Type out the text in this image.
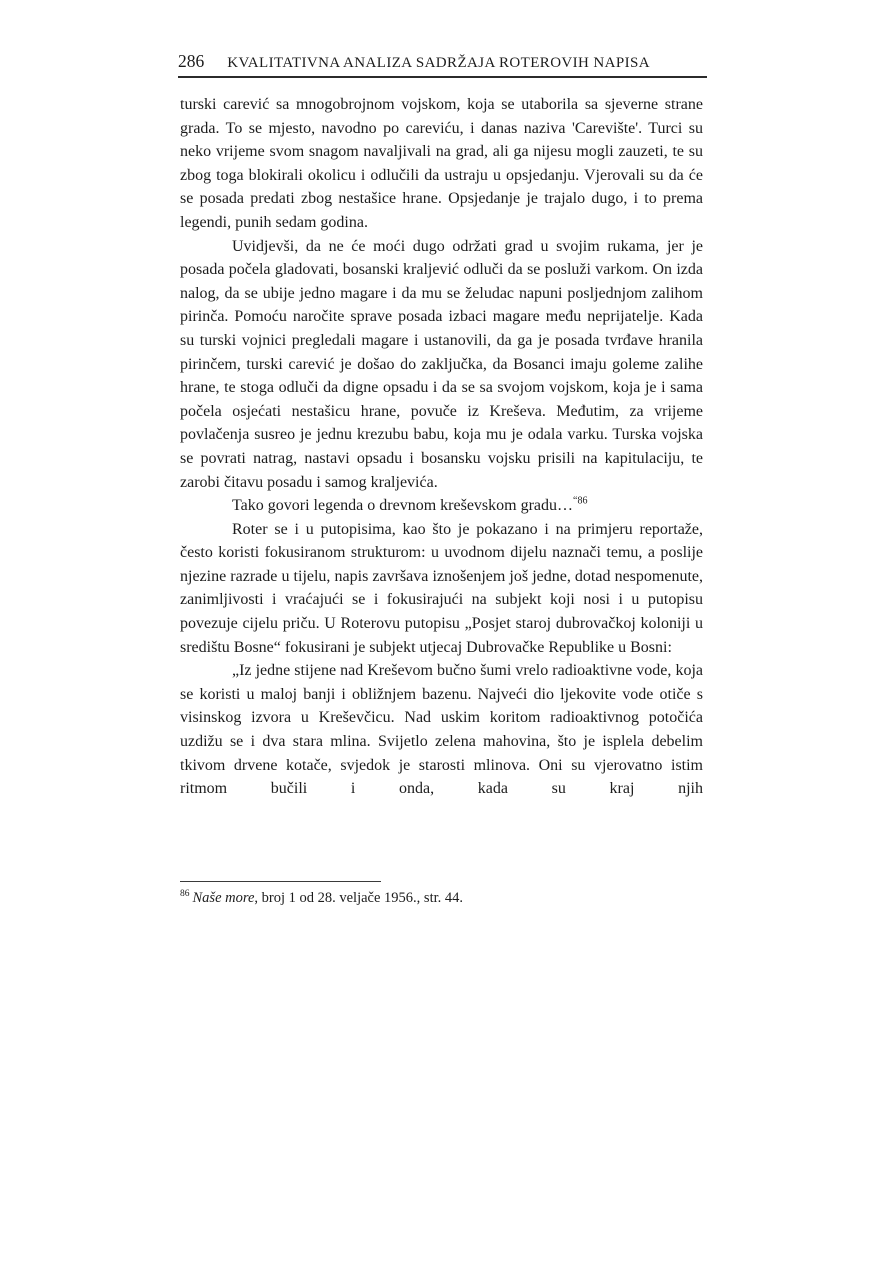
286 KVALITATIVNA ANALIZA SADRŽAJA ROTEROVIH NAPISA

turski carević sa mnogobrojnom vojskom, koja se utaborila sa sjeverne strane grada. To se mjesto, navodno po careviću, i danas naziva 'Carevište'. Turci su neko vrijeme svom snagom navaljivali na grad, ali ga nijesu mogli zauzeti, te su zbog toga blokirali okolicu i odlučili da ustraju u opsjedanju. Vjerovali su da će se posada predati zbog nestašice hrane. Opsjedanje je trajalo dugo, i to prema legendi, punih sedam godina.

Uvidjevši, da ne će moći dugo održati grad u svojim rukama, jer je posada počela gladovati, bosanski kraljević odluči da se posluži varkom. On izda nalog, da se ubije jedno magare i da mu se želudac napuni posljednjom zalihom pirinča. Pomoću naročite sprave posada izbaci magare među neprijatelje. Kada su turski vojnici pregledali magare i ustanovili, da ga je posada tvrđave hranila pirinčem, turski carević je došao do zaključka, da Bosanci imaju goleme zalihe hrane, te stoga odluči da digne opsadu i da se sa svojom vojskom, koja je i sama počela osjećati nestašicu hrane, povuče iz Kreševa. Međutim, za vrijeme povlačenja susreo je jednu krezubu babu, koja mu je odala varku. Turska vojska se povrati natrag, nastavi opsadu i bosansku vojsku prisili na kapitulaciju, te zarobi čitavu posadu i samog kraljevića.

Tako govori legenda o drevnom kreševskom gradu…$^{“86}$

Roter se i u putopisima, kao što je pokazano i na primjeru reportaže, često koristi fokusiranom strukturom: u uvodnom dijelu naznači temu, a poslije njezine razrade u tijelu, napis završava iznošenjem još jedne, dotad nespomenute, zanimljivosti i vraćajući se i fokusirajući na subjekt koji nosi i u putopisu povezuje cijelu priču. U Roterovu putopisu „Posjet staroj dubrovačkoj koloniji u središtu Bosne“ fokusirani je subjekt utjecaj Dubrovačke Republike u Bosni:

„Iz jedne stijene nad Kreševom bučno šumi vrelo radioaktivne vode, koja se koristi u maloj banji i obližnjem bazenu. Najveći dio ljekovite vode otiče s visinskog izvora u Kreševčicu. Nad uskim koritom radioaktivnog potočića uzdižu se i dva stara mlina. Svijetlo zelena mahovina, što je isplela debelim tkivom drvene kotače, svjedok je starosti mlinova. Oni su vjerovatno istim ritmom bučili i onda, kada su kraj njih

$^{86}$ Naše more, broj 1 od 28. veljače 1956., str. 44.
